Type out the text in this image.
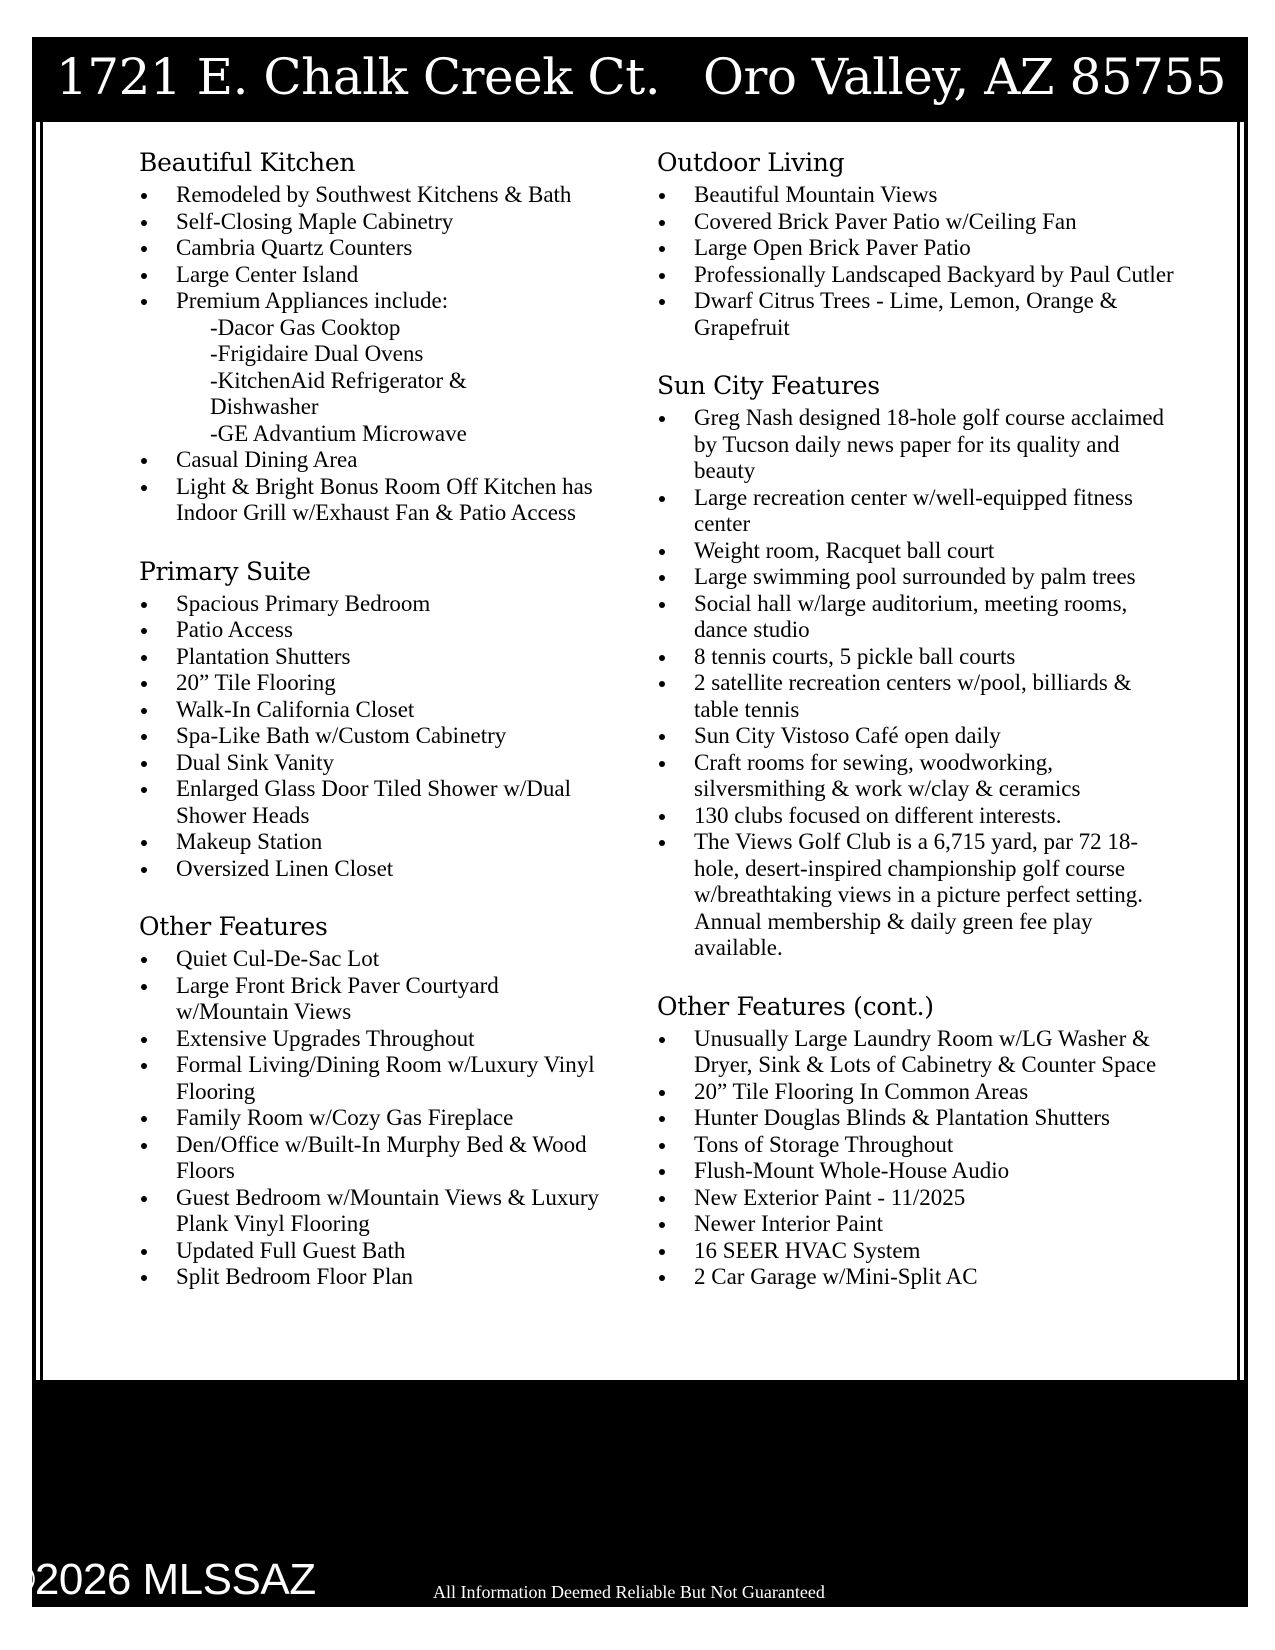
1721 E. Chalk Creek Ct. Oro Valley, AZ 85755
Beautiful Kitchen
Remodeled by Southwest Kitchens & Bath
Self-Closing Maple Cabinetry
Cambria Quartz Counters
Large Center Island
Premium Appliances include:
-Dacor Gas Cooktop
-Frigidaire Dual Ovens
-KitchenAid Refrigerator &
Dishwasher
-GE Advantium Microwave
Casual Dining Area
Light & Bright Bonus Room Off Kitchen has Indoor Grill w/Exhaust Fan & Patio Access
Primary Suite
Spacious Primary Bedroom
Patio Access
Plantation Shutters
20” Tile Flooring
Walk-In California Closet
Spa-Like Bath w/Custom Cabinetry
Dual Sink Vanity
Enlarged Glass Door Tiled Shower w/Dual Shower Heads
Makeup Station
Oversized Linen Closet
Other Features
Quiet Cul-De-Sac Lot
Large Front Brick Paver Courtyard w/Mountain Views
Extensive Upgrades Throughout
Formal Living/Dining Room w/Luxury Vinyl Flooring
Family Room w/Cozy Gas Fireplace
Den/Office w/Built-In Murphy Bed & Wood Floors
Guest Bedroom w/Mountain Views & Luxury Plank Vinyl Flooring
Updated Full Guest Bath
Split Bedroom Floor Plan
Outdoor Living
Beautiful Mountain Views
Covered Brick Paver Patio w/Ceiling Fan
Large Open Brick Paver Patio
Professionally Landscaped Backyard by Paul Cutler
Dwarf Citrus Trees - Lime, Lemon, Orange & Grapefruit
Sun City Features
Greg Nash designed 18-hole golf course acclaimed by Tucson daily news paper for its quality and beauty
Large recreation center w/well-equipped fitness center
Weight room, Racquet ball court
Large swimming pool surrounded by palm trees
Social hall w/large auditorium, meeting rooms, dance studio
8 tennis courts, 5 pickle ball courts
2 satellite recreation centers w/pool, billiards & table tennis
Sun City Vistoso Café open daily
Craft rooms for sewing, woodworking, silversmithing & work w/clay & ceramics
130 clubs focused on different interests.
The Views Golf Club is a 6,715 yard, par 72 18-hole, desert-inspired championship golf course w/breathtaking views in a picture perfect setting. Annual membership & daily green fee play available.
Other Features (cont.)
Unusually Large Laundry Room w/LG Washer & Dryer, Sink & Lots of Cabinetry & Counter Space
20” Tile Flooring In Common Areas
Hunter Douglas Blinds & Plantation Shutters
Tons of Storage Throughout
Flush-Mount Whole-House Audio
New Exterior Paint - 11/2025
Newer Interior Paint
16 SEER HVAC System
2 Car Garage w/Mini-Split AC
©2026 MLSSAZ	All Information Deemed Reliable But Not Guaranteed
